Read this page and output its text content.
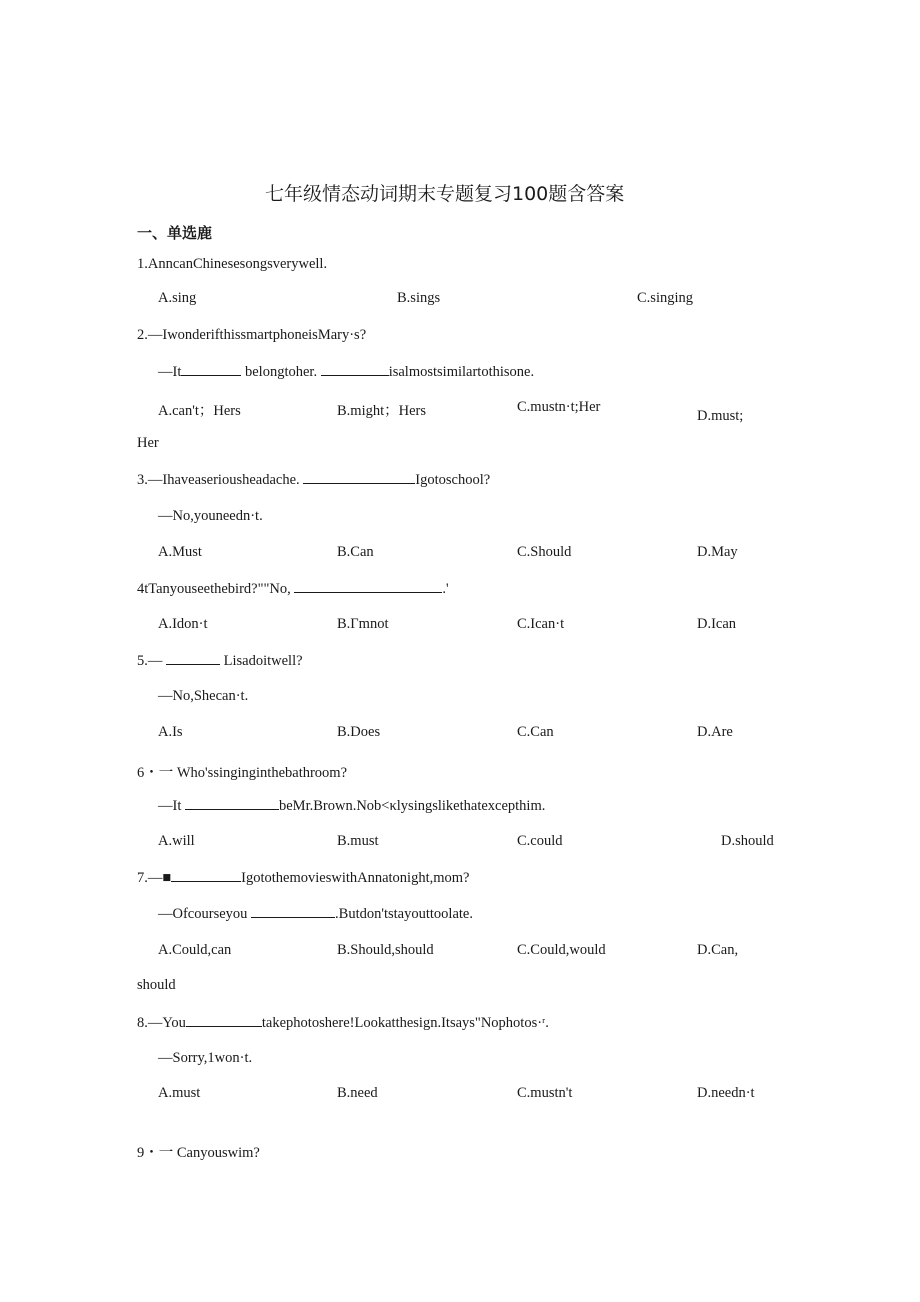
七年级情态动词期末专题复习100题含答案
一、单选鹿
1.AnncanChinesesongsverywell.
A.sing	B.sings	C.singing
2.—IwonderifthissmartphoneisMary·s?
—It	belongtoher.	isalmostsimilartothisone.
A.can't；Hers	B.might；Hers	C.mustn·t;Her
D.must;
Her
3.—Ihaveaseriousheadache.	Igotoschool?
—No,youneedn·t.
A.Must	B.Can	C.Should	D.May
4tTanyouseethebird?""No,	.'
A.Idon·t	B.Γmnot	C.Ican·t	D.Ican
5.—	Lisadoitwell?
—No,Shecan·t.
A.Is	B.Does	C.Can	D.Are
6・一 Who'ssinginginthebathroom?
—It	beMr.Brown.Nob<κlysingslikethatexcepthim.
A.will	B.must	C.could	D.should
7.—■	IgotothemovieswithAnnatonight,mom?
—Ofcourseyou	.Butdon'tstayouttoolate.
A.Could,can	B.Should,should	C.Could,would	D.Can,
should
8.—You	takephotoshere!Lookatthesign.Itsays"Nophotos·ʳ.
—Sorry,1won·t.
A.must	B.need	C.mustn't	D.needn·t
9・一 Canyouswim?
